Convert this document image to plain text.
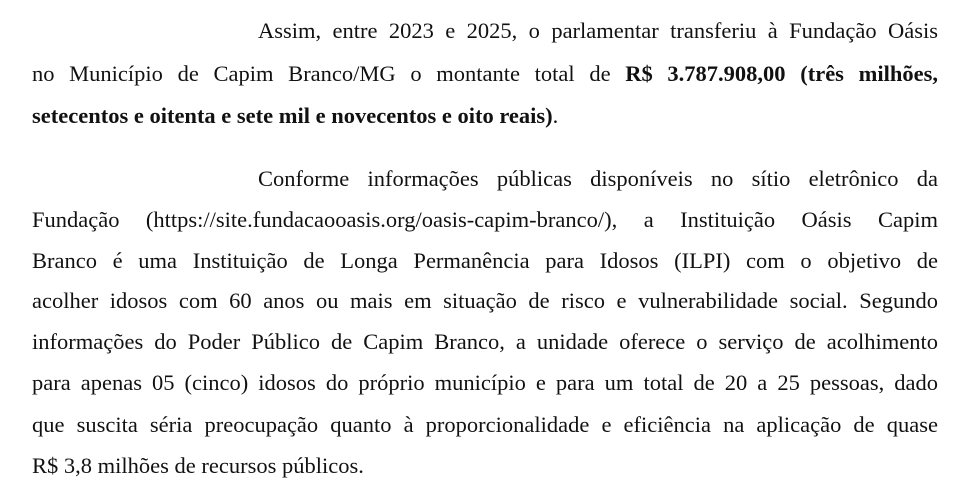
Assim, entre 2023 e 2025, o parlamentar transferiu à Fundação Oásis
no Município de Capim Branco/MG o montante total de R$ 3.787.908,00 (três milhões,
setecentos e oitenta e sete mil e novecentos e oito reais).
Conforme informações públicas disponíveis no sítio eletrônico da
Fundação (https://site.fundacaooasis.org/oasis-capim-branco/), a Instituição Oásis Capim
Branco é uma Instituição de Longa Permanência para Idosos (ILPI) com o objetivo de
acolher idosos com 60 anos ou mais em situação de risco e vulnerabilidade social. Segundo
informações do Poder Público de Capim Branco, a unidade oferece o serviço de acolhimento
para apenas 05 (cinco) idosos do próprio município e para um total de 20 a 25 pessoas, dado
que suscita séria preocupação quanto à proporcionalidade e eficiência na aplicação de quase
R$ 3,8 milhões de recursos públicos.
